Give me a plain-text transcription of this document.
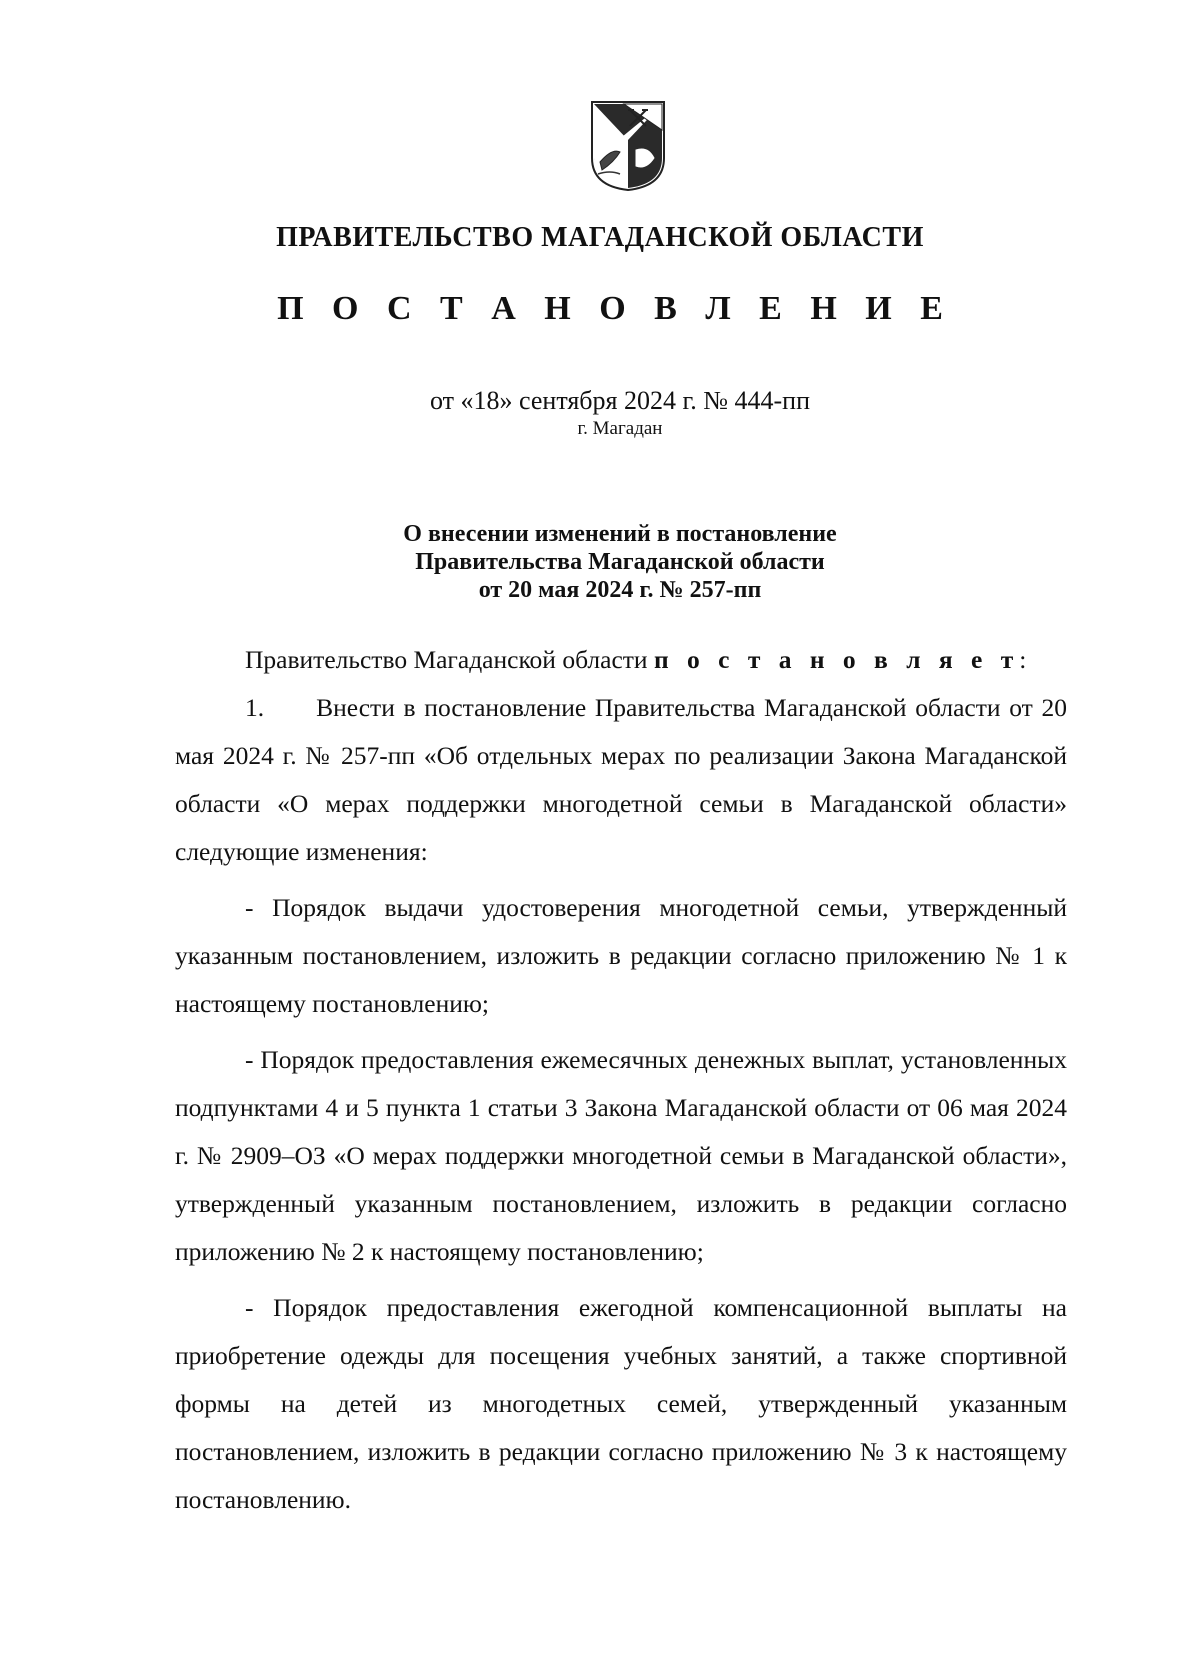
ПРАВИТЕЛЬСТВО МАГАДАНСКОЙ ОБЛАСТИ
П О С Т А Н О В Л Е Н И Е
от «18» сентября 2024 г. № 444-пп
г. Магадан
О внесении изменений в постановление
Правительства Магаданской области
от 20 мая 2024 г. № 257-пп

Правительство Магаданской области п о с т а н о в л я е т:

1. Внести в постановление Правительства Магаданской области от 20 мая 2024 г. № 257-пп «Об отдельных мерах по реализации Закона Магаданской области «О мерах поддержки многодетной семьи в Магаданской области» следующие изменения:

- Порядок выдачи удостоверения многодетной семьи, утвержденный указанным постановлением, изложить в редакции согласно приложению № 1 к настоящему постановлению;

- Порядок предоставления ежемесячных денежных выплат, установленных подпунктами 4 и 5 пункта 1 статьи 3 Закона Магаданской области от 06 мая 2024 г. № 2909–ОЗ «О мерах поддержки многодетной семьи в Магаданской области», утвержденный указанным постановлением, изложить в редакции согласно приложению № 2 к настоящему постановлению;

- Порядок предоставления ежегодной компенсационной выплаты на приобретение одежды для посещения учебных занятий, а также спортивной формы на детей из многодетных семей, утвержденный указанным постановлением, изложить в редакции согласно приложению № 3 к настоящему постановлению.
